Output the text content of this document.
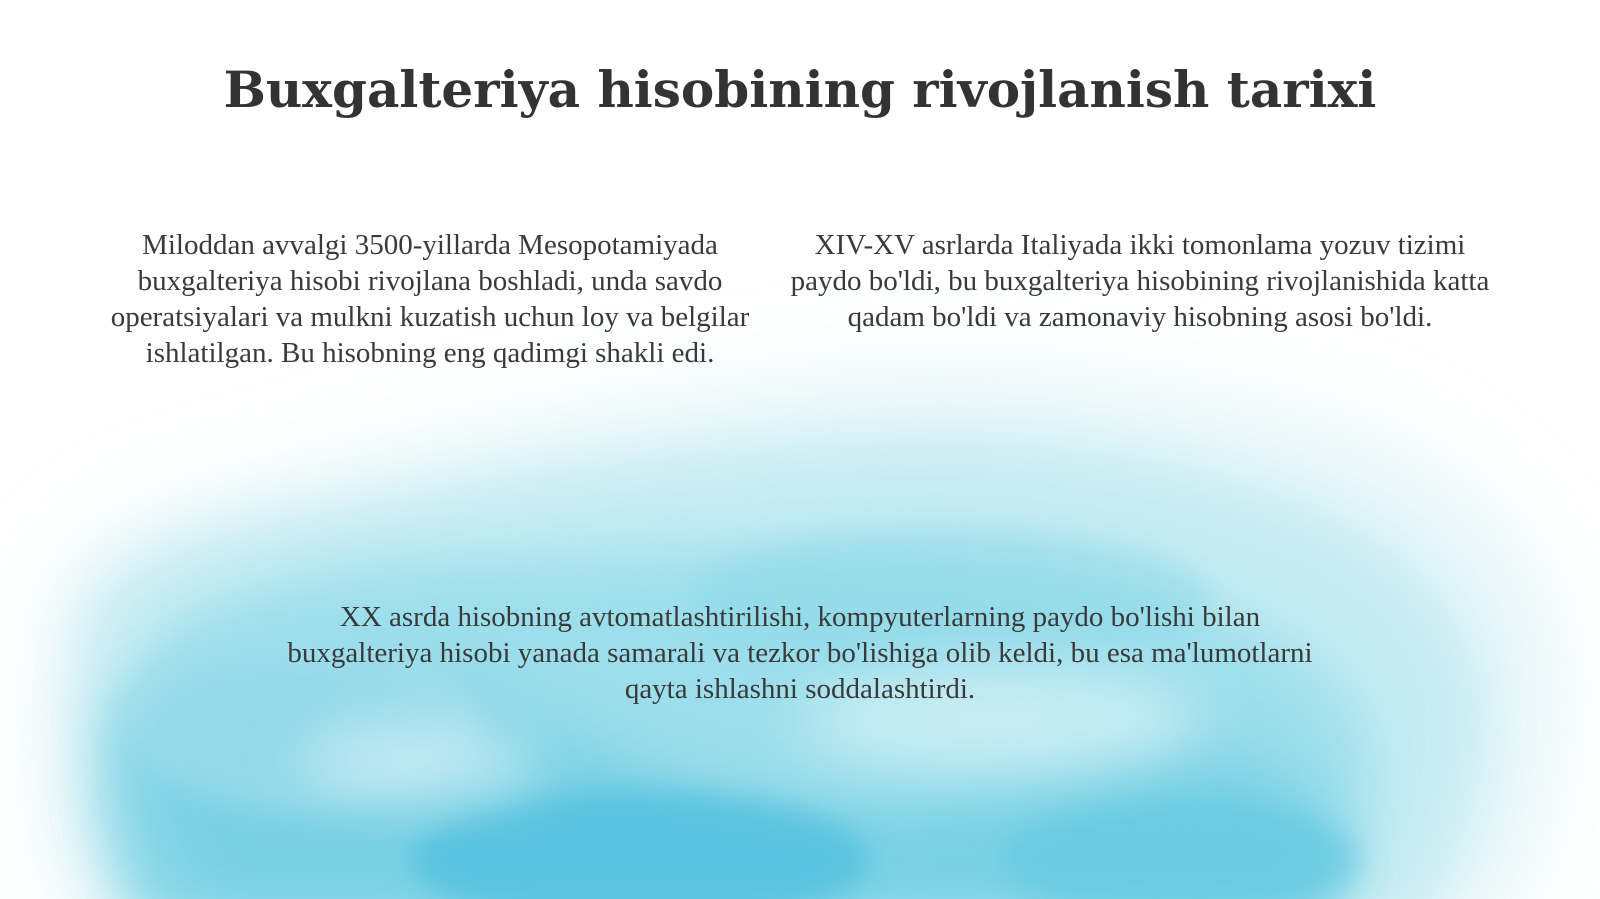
Buxgalteriya hisobining rivojlanish tarixi
Miloddan avvalgi 3500-yillarda Mesopotamiyada buxgalteriya hisobi rivojlana boshladi, unda savdo operatsiyalari va mulkni kuzatish uchun loy va belgilar ishlatilgan. Bu hisobning eng qadimgi shakli edi.
XIV-XV asrlarda Italiyada ikki tomonlama yozuv tizimi paydo bo'ldi, bu buxgalteriya hisobining rivojlanishida katta qadam bo'ldi va zamonaviy hisobning asosi bo'ldi.
XX asrda hisobning avtomatlashtirilishi, kompyuterlarning paydo bo'lishi bilan buxgalteriya hisobi yanada samarali va tezkor bo'lishiga olib keldi, bu esa ma'lumotlarni qayta ishlashni soddalashtirdi.
